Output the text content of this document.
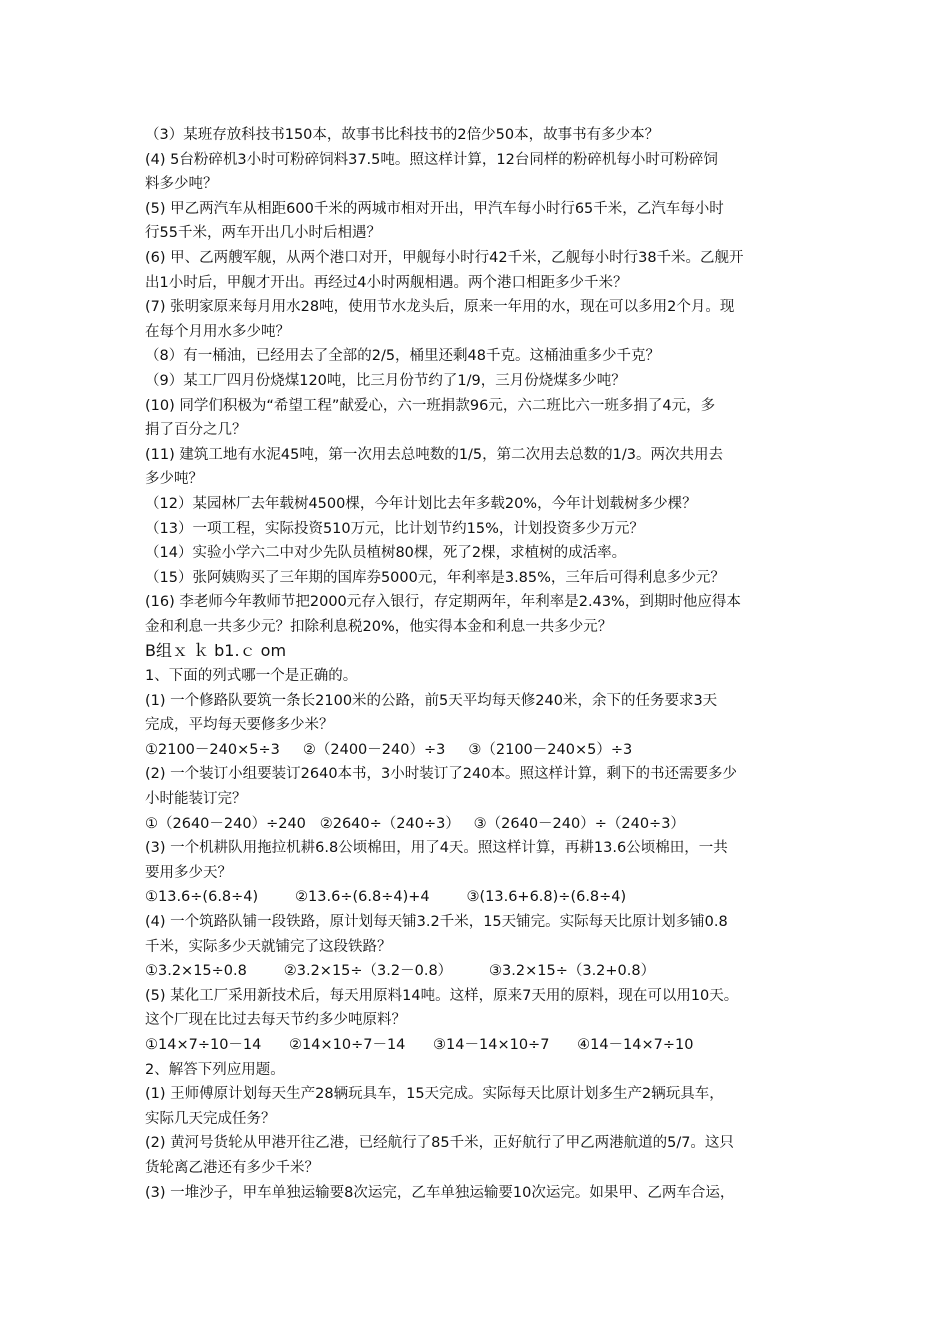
（3）某班存放科技书150本，故事书比科技书的2倍少50本，故事书有多少本？
(4) 5台粉碎机3小时可粉碎饲料37.5吨。照这样计算，12台同样的粉碎机每小时可粉碎饲
料多少吨？
(5) 甲乙两汽车从相距600千米的两城市相对开出，甲汽车每小时行65千米，乙汽车每小时
行55千米，两车开出几小时后相遇？
(6) 甲、乙两艘军舰，从两个港口对开，甲舰每小时行42千米，乙舰每小时行38千米。乙舰开
出1小时后，甲舰才开出。再经过4小时两舰相遇。两个港口相距多少千米？
(7) 张明家原来每月用水28吨，使用节水龙头后，原来一年用的水，现在可以多用2个月。现
在每个月用水多少吨？
（8）有一桶油，已经用去了全部的2/5，桶里还剩48千克。这桶油重多少千克？
（9）某工厂四月份烧煤120吨，比三月份节约了1/9，三月份烧煤多少吨？
(10) 同学们积极为“希望工程”献爱心，六一班捐款96元，六二班比六一班多捐了4元，多
捐了百分之几？
(11) 建筑工地有水泥45吨，第一次用去总吨数的1/5，第二次用去总数的1/3。两次共用去
多少吨？
（12）某园林厂去年载树4500棵，今年计划比去年多载20%，今年计划载树多少棵？
（13）一项工程，实际投资510万元，比计划节约15%，计划投资多少万元？
（14）实验小学六二中对少先队员植树80棵，死了2棵，求植树的成活率。
（15）张阿姨购买了三年期的国库券5000元，年利率是3.85%，三年后可得利息多少元？
(16) 李老师今年教师节把2000元存入银行，存定期两年，年利率是2.43%，到期时他应得本
金和利息一共多少元？扣除利息税20%，他实得本金和利息一共多少元？
B组ｘ ｋ b1.ｃ om
1、下面的列式哪一个是正确的。
(1) 一个修路队要筑一条长2100米的公路，前5天平均每天修240米，余下的任务要求3天
完成，平均每天要修多少米？
①2100－240×5÷3     ②（2400－240）÷3     ③（2100－240×5）÷3
(2) 一个装订小组要装订2640本书，3小时装订了240本。照这样计算，剩下的书还需要多少
小时能装订完？
①（2640－240）÷240   ②2640÷（240÷3）   ③（2640－240）÷（240÷3）
(3) 一个机耕队用拖拉机耕6.8公顷棉田，用了4天。照这样计算，再耕13.6公顷棉田，一共
要用多少天？
①13.6÷(6.8÷4)        ②13.6÷(6.8÷4)+4        ③(13.6+6.8)÷(6.8÷4)
(4) 一个筑路队铺一段铁路，原计划每天铺3.2千米，15天铺完。实际每天比原计划多铺0.8
千米，实际多少天就铺完了这段铁路？
①3.2×15÷0.8        ②3.2×15÷（3.2－0.8）        ③3.2×15÷（3.2+0.8）
(5) 某化工厂采用新技术后，每天用原料14吨。这样，原来7天用的原料，现在可以用10天。
这个厂现在比过去每天节约多少吨原料？
①14×7÷10－14      ②14×10÷7－14      ③14－14×10÷7      ④14－14×7÷10
2、解答下列应用题。
(1) 王师傅原计划每天生产28辆玩具车，15天完成。实际每天比原计划多生产2辆玩具车，
实际几天完成任务？
(2) 黄河号货轮从甲港开往乙港，已经航行了85千米，正好航行了甲乙两港航道的5/7。这只
货轮离乙港还有多少千米？
(3) 一堆沙子，甲车单独运输要8次运完，乙车单独运输要10次运完。如果甲、乙两车合运，
